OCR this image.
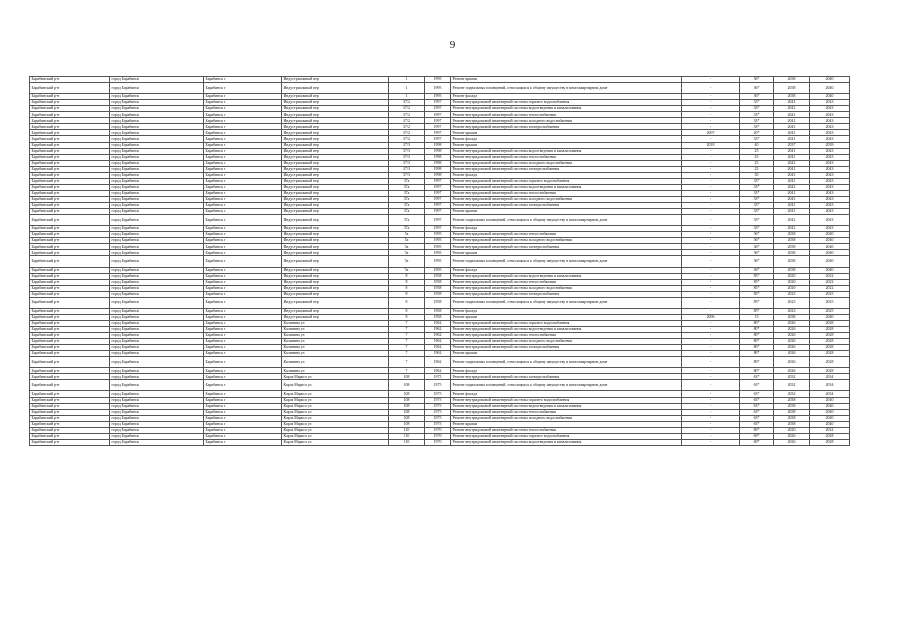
9
Барабинский р-н	город Барабинск	Барабинск г	Индустриальный пер	1	1995	Ремонт крыши	-	36*	2038	2040
Барабинский р-н	город Барабинск	Барабинск г	Индустриальный пер	1	1995	Ремонт подвальных помещений, относящихся к общему имуществу в многоквартирном доме	-	36*	2038	2040
Барабинский р-н	город Барабинск	Барабинск г	Индустриальный пер	1	1995	Ремонт фасада	-	36*	2038	2040
Барабинский р-н	город Барабинск	Барабинск г	Индустриальный пер	37/2	1997	Ремонт внутридомовой инженерной системы горячего водоснабжения	-	33*	2041	2043
Барабинский р-н	город Барабинск	Барабинск г	Индустриальный пер	37/2	1997	Ремонт внутридомовой инженерной системы водоотведения и канализования	-	33*	2041	2043
Барабинский р-н	город Барабинск	Барабинск г	Индустриальный пер	37/2	1997	Ремонт внутридомовой инженерной системы теплоснабжения	-	33*	2041	2043
Барабинский р-н	город Барабинск	Барабинск г	Индустриальный пер	37/2	1997	Ремонт внутридомовой инженерной системы холодного водоснабжения	-	33*	2041	2043
Барабинский р-н	город Барабинск	Барабинск г	Индустриальный пер	37/2	1997	Ремонт внутридомовой инженерной системы электроснабжения	-	33*	2041	2043
Барабинский р-н	город Барабинск	Барабинск г	Индустриальный пер	37/2	1997	Ремонт крыши	2007	20*	2041	2043
Барабинский р-н	город Барабинск	Барабинск г	Индустриальный пер	37/2	1997	Ремонт фасада	-	33*	2041	2043
Барабинский р-н	город Барабинск	Барабинск г	Индустриальный пер	37/3	1998	Ремонт крыши	2018	40	2037	2039
Барабинский р-н	город Барабинск	Барабинск г	Индустриальный пер	37/3	1998	Ремонт внутридомовой инженерной системы водоотведения и канализования	-	25	2041	2043
Барабинский р-н	город Барабинск	Барабинск г	Индустриальный пер	37/3	1998	Ремонт внутридомовой инженерной системы теплоснабжения	-	25	2041	2043
Барабинский р-н	город Барабинск	Барабинск г	Индустриальный пер	37/3	1998	Ремонт внутридомовой инженерной системы холодного водоснабжения	-	25	2041	2043
Барабинский р-н	город Барабинск	Барабинск г	Индустриальный пер	37/3	1998	Ремонт внутридомовой инженерной системы электроснабжения	-	25	2041	2043
Барабинский р-н	город Барабинск	Барабинск г	Индустриальный пер	37/3	1998	Ремонт фасада	-	30	2041	2043
Барабинский р-н	город Барабинск	Барабинск г	Индустриальный пер	37а	1997	Ремонт внутридомовой инженерной системы горячего водоснабжения	-	33*	2041	2043
Барабинский р-н	город Барабинск	Барабинск г	Индустриальный пер	37а	1997	Ремонт внутридомовой инженерной системы водоотведения и канализования	-	33*	2041	2043
Барабинский р-н	город Барабинск	Барабинск г	Индустриальный пер	37а	1997	Ремонт внутридомовой инженерной системы теплоснабжения	-	33*	2041	2043
Барабинский р-н	город Барабинск	Барабинск г	Индустриальный пер	37а	1997	Ремонт внутридомовой инженерной системы холодного водоснабжения	-	33*	2041	2043
Барабинский р-н	город Барабинск	Барабинск г	Индустриальный пер	37а	1997	Ремонт внутридомовой инженерной системы электроснабжения	-	33*	2041	2043
Барабинский р-н	город Барабинск	Барабинск г	Индустриальный пер	37а	1997	Ремонт крыши	-	33*	2041	2043
Барабинский р-н	город Барабинск	Барабинск г	Индустриальный пер	37а	1997	Ремонт подвальных помещений, относящихся к общему имуществу в многоквартирном доме	-	33*	2041	2043
Барабинский р-н	город Барабинск	Барабинск г	Индустриальный пер	37а	1997	Ремонт фасада	-	33*	2041	2043
Барабинский р-н	город Барабинск	Барабинск г	Индустриальный пер	5а	1995	Ремонт внутридомовой инженерной системы теплоснабжения	-	36*	2038	2040
Барабинский р-н	город Барабинск	Барабинск г	Индустриальный пер	5а	1995	Ремонт внутридомовой инженерной системы холодного водоснабжения	-	36*	2038	2040
Барабинский р-н	город Барабинск	Барабинск г	Индустриальный пер	5а	1995	Ремонт внутридомовой инженерной системы электроснабжения	-	36*	2038	2040
Барабинский р-н	город Барабинск	Барабинск г	Индустриальный пер	5а	1995	Ремонт крыши	-	36*	2038	2040
Барабинский р-н	город Барабинск	Барабинск г	Индустриальный пер	5а	1995	Ремонт подвальных помещений, относящихся к общему имуществу в многоквартирном доме	-	36*	2038	2040
Барабинский р-н	город Барабинск	Барабинск г	Индустриальный пер	5а	1995	Ремонт фасада	-	36*	2038	2040
Барабинский р-н	город Барабинск	Барабинск г	Индустриальный пер	8	1958	Ремонт внутридомовой инженерной системы водоотведения и канализования	-	85*	2020	2022
Барабинский р-н	город Барабинск	Барабинск г	Индустриальный пер	8	1958	Ремонт внутридомовой инженерной системы теплоснабжения	-	85*	2020	2022
Барабинский р-н	город Барабинск	Барабинск г	Индустриальный пер	8	1958	Ремонт внутридомовой инженерной системы холодного водоснабжения	-	85*	2020	2022
Барабинский р-н	город Барабинск	Барабинск г	Индустриальный пер	8	1958	Ремонт внутридомовой инженерной системы электроснабжения	-	85*	2023	2025
Барабинский р-н	город Барабинск	Барабинск г	Индустриальный пер	8	1958	Ремонт подвальных помещений, относящихся к общему имуществу в многоквартирном доме	-	85*	2023	2025
Барабинский р-н	город Барабинск	Барабинск г	Индустриальный пер	8	1958	Ремонт фасада	-	85*	2023	2025
Барабинский р-н	город Барабинск	Барабинск г	Индустриальный пер	8	1958	Ремонт крыши	2006	15	2038	2040
Барабинский р-н	город Барабинск	Барабинск г	Калинина ул	7	1962	Ремонт внутридомовой инженерной системы горячего водоснабжения	-	80*	2026	2028
Барабинский р-н	город Барабинск	Барабинск г	Калинина ул	7	1962	Ремонт внутридомовой инженерной системы водоотведения и канализования	-	80*	2026	2028
Барабинский р-н	город Барабинск	Барабинск г	Калинина ул	7	1962	Ремонт внутридомовой инженерной системы теплоснабжения	-	80*	2026	2028
Барабинский р-н	город Барабинск	Барабинск г	Калинина ул	7	1962	Ремонт внутридомовой инженерной системы холодного водоснабжения	-	80*	2026	2028
Барабинский р-н	город Барабинск	Барабинск г	Калинина ул	7	1962	Ремонт внутридомовой инженерной системы электроснабжения	-	80*	2026	2028
Барабинский р-н	город Барабинск	Барабинск г	Калинина ул	7	1962	Ремонт крыши	-	80*	2026	2028
Барабинский р-н	город Барабинск	Барабинск г	Калинина ул	7	1962	Ремонт подвальных помещений, относящихся к общему имуществу в многоквартирном доме	-	80*	2026	2028
Барабинский р-н	город Барабинск	Барабинск г	Калинина ул	7	1962	Ремонт фасада	-	80*	2026	2028
Барабинский р-н	город Барабинск	Барабинск г	Карла Маркса ул	108	1975	Ремонт внутридомовой инженерной системы электроснабжения	-	63*	2032	2034
Барабинский р-н	город Барабинск	Барабинск г	Карла Маркса ул	108	1975	Ремонт подвальных помещений, относящихся к общему имуществу в многоквартирном доме	-	63*	2032	2034
Барабинский р-н	город Барабинск	Барабинск г	Карла Маркса ул	108	1975	Ремонт фасада	-	63*	2032	2034
Барабинский р-н	город Барабинск	Барабинск г	Карла Маркса ул	108	1975	Ремонт внутридомовой инженерной системы горячего водоснабжения	-	63*	2038	2040
Барабинский р-н	город Барабинск	Барабинск г	Карла Маркса ул	108	1975	Ремонт внутридомовой инженерной системы водоотведения и канализования	-	63*	2038	2040
Барабинский р-н	город Барабинск	Барабинск г	Карла Маркса ул	108	1975	Ремонт внутридомовой инженерной системы теплоснабжения	-	63*	2038	2040
Барабинский р-н	город Барабинск	Барабинск г	Карла Маркса ул	108	1975	Ремонт внутридомовой инженерной системы холодного водоснабжения	-	63*	2038	2040
Барабинский р-н	город Барабинск	Барабинск г	Карла Маркса ул	108	1975	Ремонт крыши	-	63*	2038	2040
Барабинский р-н	город Барабинск	Барабинск г	Карла Маркса ул	110	1970	Ремонт внутридомовой инженерной системы теплоснабжения	-	69*	2020	2022
Барабинский р-н	город Барабинск	Барабинск г	Карла Маркса ул	110	1970	Ремонт внутридомовой инженерной системы горячего водоснабжения	-	69*	2026	2028
Барабинский р-н	город Барабинск	Барабинск г	Карла Маркса ул	110	1970	Ремонт внутридомовой инженерной системы водоотведения и канализования	-	69*	2026	2028
